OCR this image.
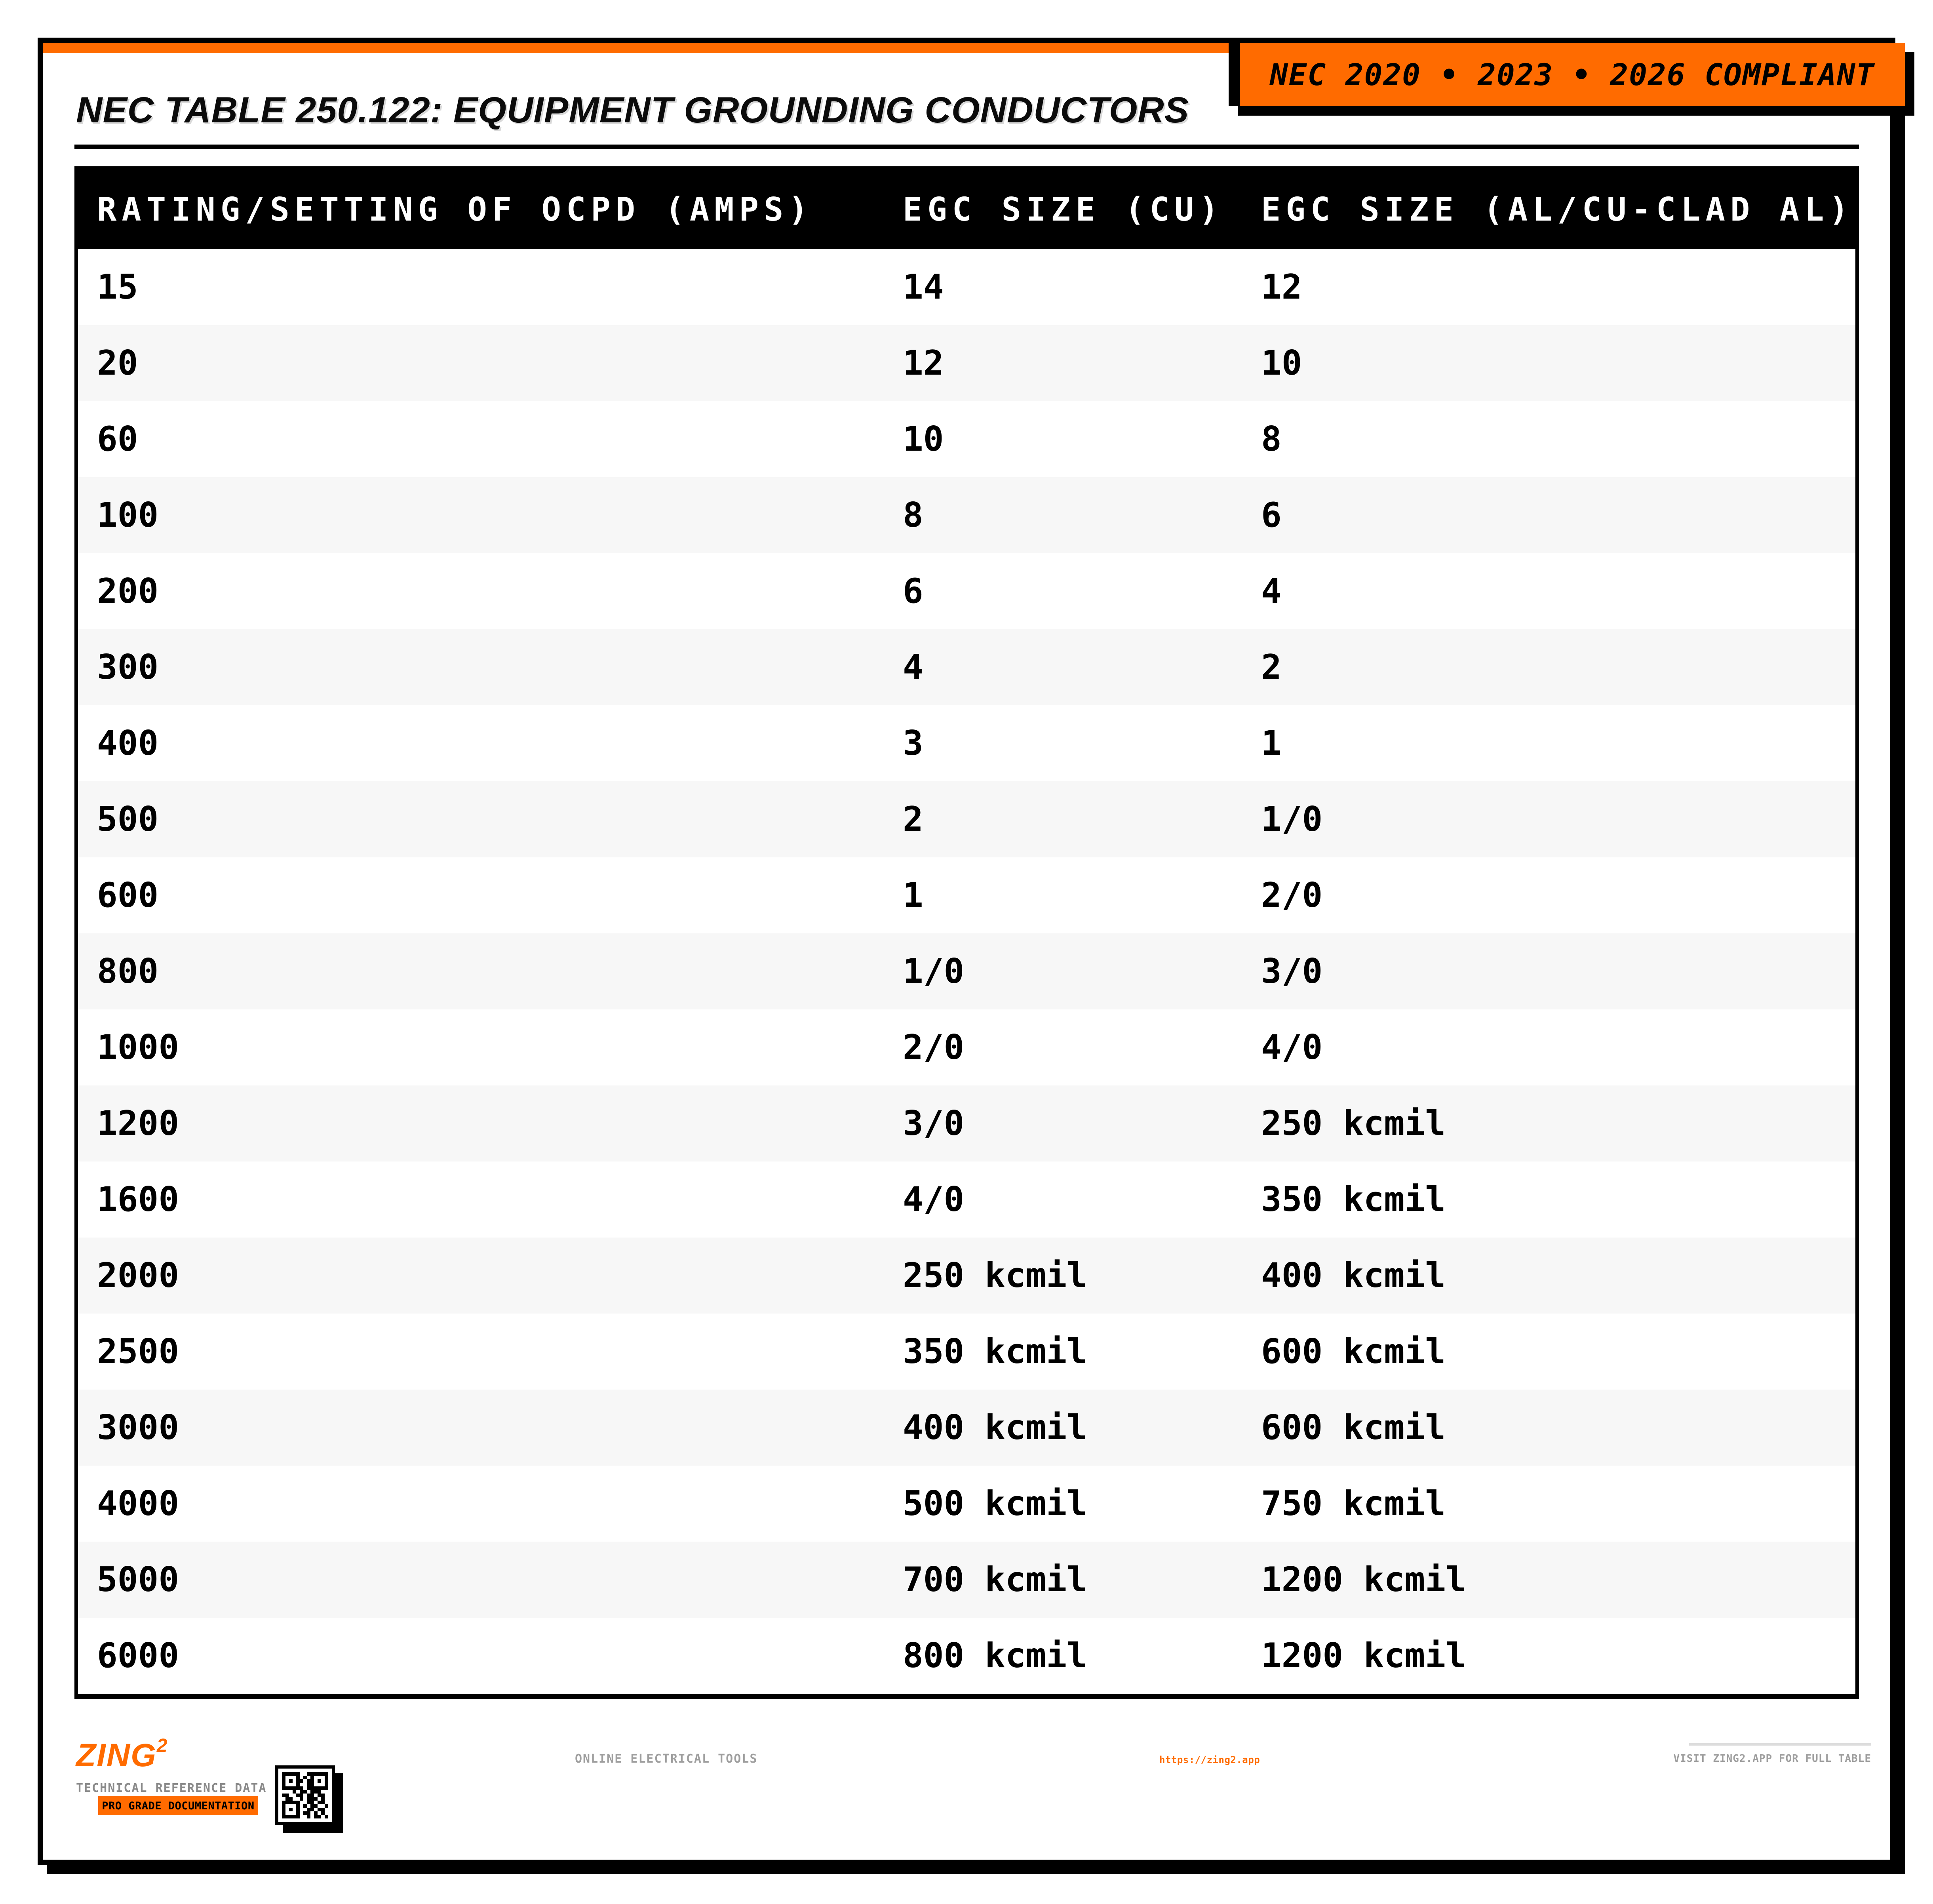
NEC 2020 • 2023 • 2026 COMPLIANT
NEC TABLE 250.122: EQUIPMENT GROUNDING CONDUCTORS
RATING/SETTING OF OCPD (AMPS)	EGC SIZE (CU)	EGC SIZE (AL/CU-CLAD AL)
15	14	12
20	12	10
60	10	8
100	8	6
200	6	4
300	4	2
400	3	1
500	2	1/0
600	1	2/0
800	1/0	3/0
1000	2/0	4/0
1200	3/0	250 kcmil
1600	4/0	350 kcmil
2000	250 kcmil	400 kcmil
2500	350 kcmil	600 kcmil
3000	400 kcmil	600 kcmil
4000	500 kcmil	750 kcmil
5000	700 kcmil	1200 kcmil
6000	800 kcmil	1200 kcmil
ZING$^2$
TECHNICAL REFERENCE DATA
PRO GRADE DOCUMENTATION
ONLINE ELECTRICAL TOOLS	https://zing2.app	VISIT ZING2.APP FOR FULL TABLE
